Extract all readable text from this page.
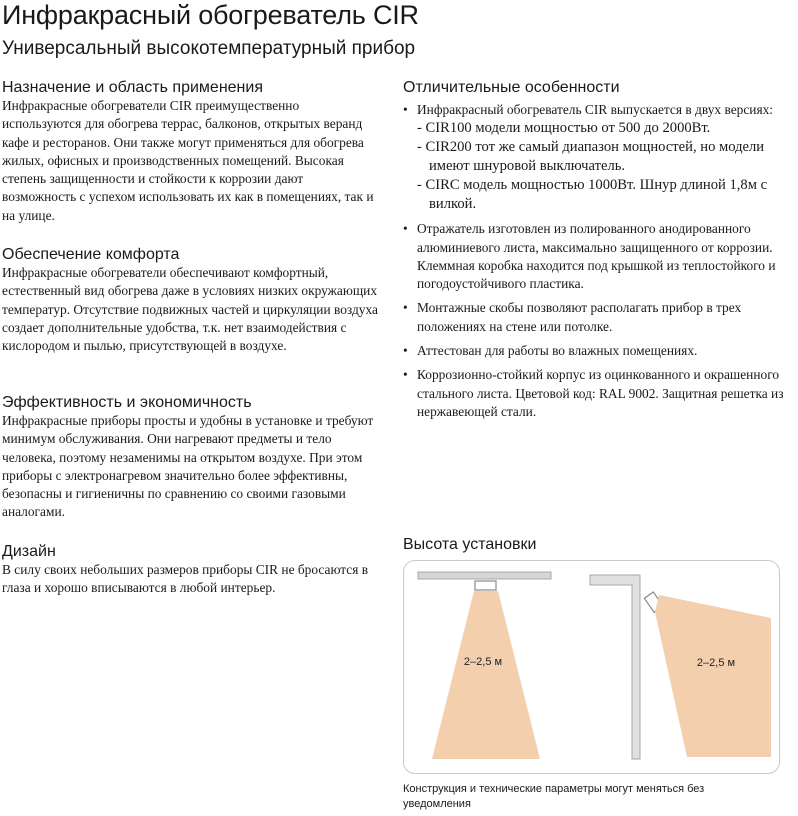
Инфракрасный обогреватель CIR
Универсальный высокотемпературный прибор
Назначение и область применения

Инфракрасные обогреватели CIR преимущественно используются для обогрева террас, балконов, открытых веранд кафе и ресторанов. Они также могут применяться для обогрева жилых, офисных и производственных помещений. Высокая степень защищенности и стойкости к коррозии дают возможность с успехом использовать их как в помещениях, так и на улице.

Обеспечение комфорта

Инфракрасные обогреватели обеспечивают комфортный, естественный вид обогрева даже в условиях низких окружающих температур. Отсутствие подвижных частей и циркуляции воздуха создает дополнительные удобства, т.к. нет взаимодействия с кислородом и пылью, присутствующей в воздухе.

Эффективность и экономичность

Инфракрасные приборы просты и удобны в установке и требуют минимум обслуживания. Они нагревают предметы и тело человека, поэтому незаменимы на открытом воздухе. При этом приборы с электронагревом значительно более эффективны, безопасны и гигиеничны по сравнению со своими газовыми аналогами.

Дизайн

В силу своих небольших размеров приборы CIR не бросаются в глаза и хорошо вписываются в любой интерьер.

Отличительные особенности
• Инфракрасный обогреватель CIR выпускается в двух версиях:
- CIR100 модели мощностью от 500 до 2000Вт.
- CIR200 тот же самый диапазон мощностей, но модели имеют шнуровой выключатель.
- CIRC модель мощностью 1000Вт. Шнур длиной 1,8м с вилкой.
• Отражатель изготовлен из полированного анодированного алюминиевого листа, максимально защищенного от коррозии. Клеммная коробка находится под крышкой из теплостойкого и погодоустойчивого пластика.
• Монтажные скобы позволяют располагать прибор в трех положениях на стене или потолке.
• Аттестован для работы во влажных помещениях.
• Коррозионно-стойкий корпус из оцинкованного и окрашенного стального листа. Цветовой код: RAL 9002. Защитная решетка из нержавеющей стали.
Высота установки
2–2,5 м	2–2,5 м

Конструкция и технические параметры могут меняться без уведомления
